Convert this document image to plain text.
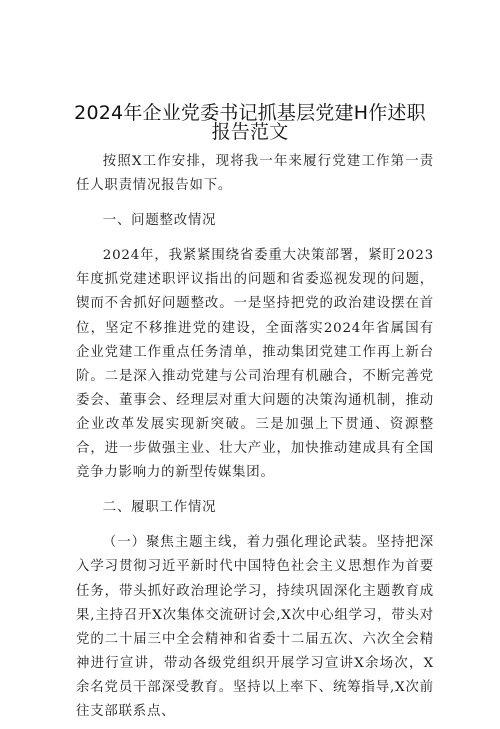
2024年企业党委书记抓基层党建H作述职
报告范文

按照X工作安排，现将我一年来履行党建工作第一责任人职责情况报告如下。

一、问题整改情况

2024年，我紧紧围绕省委重大决策部署，紧盯2023年度抓党建述职评议指出的问题和省委巡视发现的问题，锲而不舍抓好问题整改。一是坚持把党的政治建设摆在首位，坚定不移推进党的建设，全面落实2024年省属国有企业党建工作重点任务清单，推动集团党建工作再上新台阶。二是深入推动党建与公司治理有机融合，不断完善党委会、董事会、经理层对重大问题的决策沟通机制，推动企业改革发展实现新突破。三是加强上下贯通、资源整合，进一步做强主业、壮大产业，加快推动建成具有全国竞争力影响力的新型传媒集团。

二、履职工作情况

（一）聚焦主题主线，着力强化理论武装。坚持把深入学习贯彻习近平新时代中国特色社会主义思想作为首要任务，带头抓好政治理论学习，持续巩固深化主题教育成果,主持召开X次集体交流研讨会,X次中心组学习，带头对党的二十届三中全会精神和省委十二届五次、六次全会精神进行宣讲，带动各级党组织开展学习宣讲X余场次，X余名党员干部深受教育。坚持以上率下、统筹指导,X次前往支部联系点、
